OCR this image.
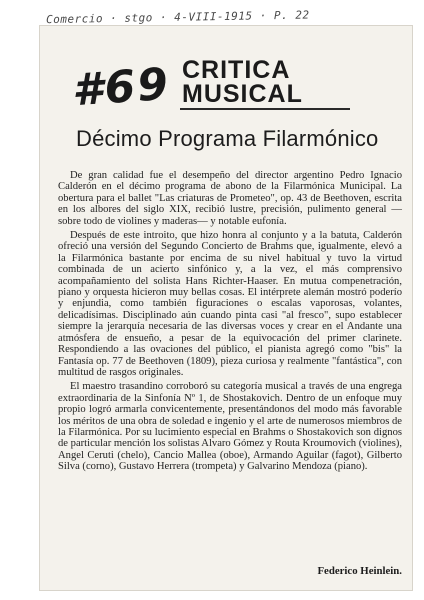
Comercio · stgo · 4-VIII-1915 · P. 22
#69 CRITICA
MUSICAL
Décimo Programa Filarmónico

De gran calidad fue el desempeño del director argentino Pedro Ignacio Calderón en el décimo programa de abono de la Filarmónica Municipal. La obertura para el ballet "Las criaturas de Prometeo", op. 43 de Beethoven, escrita en los albores del siglo XIX, recibió lustre, precisión, pulimento general — sobre todo de violines y maderas— y notable eufonía.

Después de este introito, que hizo honra al conjunto y a la batuta, Calderón ofreció una versión del Segundo Concierto de Brahms que, igualmente, elevó a la Filarmónica bastante por encima de su nivel habitual y tuvo la virtud combinada de un acierto sinfónico y, a la vez, el más comprensivo acompañamiento del solista Hans Richter-Haaser. En mutua compenetración, piano y orquesta hicieron muy bellas cosas. El intérprete alemán mostró poderío y enjundia, como también figuraciones o escalas vaporosas, volantes, delicadísimas. Disciplinado aún cuando pinta casi "al fresco", supo establecer siempre la jerarquía necesaria de las diversas voces y crear en el Andante una atmósfera de ensueño, a pesar de la equivocación del primer clarinete. Respondiendo a las ovaciones del público, el pianista agregó como "bis" la Fantasía op. 77 de Beethoven (1809), pieza curiosa y realmente "fantástica", con multitud de rasgos originales.

El maestro trasandino corroboró su categoría musical a través de una engrega extraordinaria de la Sinfonía Nº 1, de Shostakovich. Dentro de un enfoque muy propio logró armarla convicentemente, presentándonos del modo más favorable los méritos de una obra de soledad e ingenio y el arte de numerosos miembros de la Filarmónica. Por su lucimiento especial en Brahms o Shostakovich son dignos de particular mención los solistas Alvaro Gómez y Routa Kroumovich (violines), Angel Ceruti (chelo), Cancio Mallea (oboe), Armando Aguilar (fagot), Gilberto Silva (corno), Gustavo Herrera (trompeta) y Galvarino Mendoza (piano).

Federico Heinlein.
